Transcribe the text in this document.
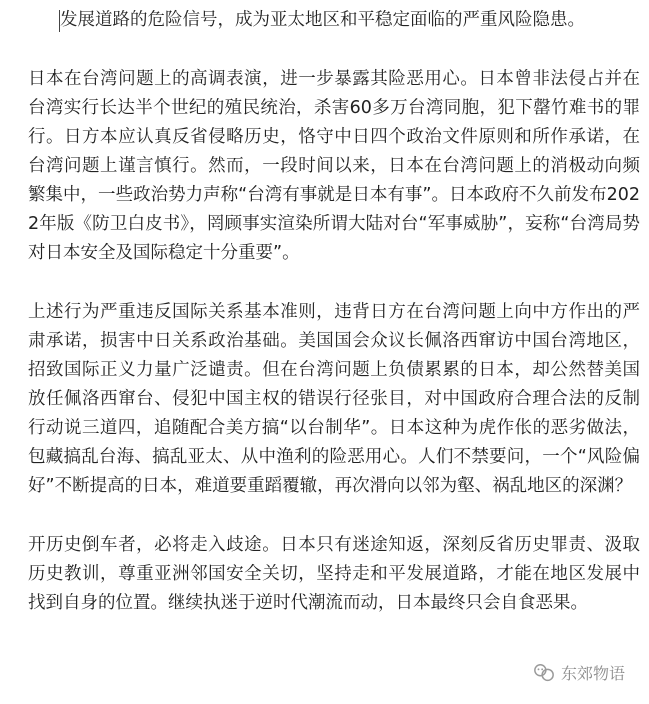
发展道路的危险信号，成为亚太地区和平稳定面临的严重风险隐患。

日本在台湾问题上的高调表演，进一步暴露其险恶用心。日本曾非法侵占并在台湾实行长达半个世纪的殖民统治，杀害60多万台湾同胞，犯下罄竹难书的罪行。日方本应认真反省侵略历史，恪守中日四个政治文件原则和所作承诺，在台湾问题上谨言慎行。然而，一段时间以来，日本在台湾问题上的消极动向频繁集中，一些政治势力声称“台湾有事就是日本有事”。日本政府不久前发布2022年版《防卫白皮书》，罔顾事实渲染所谓大陆对台“军事威胁”，妄称“台湾局势对日本安全及国际稳定十分重要”。

上述行为严重违反国际关系基本准则，违背日方在台湾问题上向中方作出的严肃承诺，损害中日关系政治基础。美国国会众议长佩洛西窜访中国台湾地区，招致国际正义力量广泛谴责。但在台湾问题上负债累累的日本，却公然替美国放任佩洛西窜台、侵犯中国主权的错误行径张目，对中国政府合理合法的反制行动说三道四，追随配合美方搞“以台制华”。日本这种为虎作伥的恶劣做法，包藏搞乱台海、搞乱亚太、从中渔利的险恶用心。人们不禁要问，一个“风险偏好”不断提高的日本，难道要重蹈覆辙，再次滑向以邻为壑、祸乱地区的深渊？

开历史倒车者，必将走入歧途。日本只有迷途知返，深刻反省历史罪责、汲取历史教训，尊重亚洲邻国安全关切，坚持走和平发展道路，才能在地区发展中找到自身的位置。继续执迷于逆时代潮流而动，日本最终只会自食恶果。

东郊物语
